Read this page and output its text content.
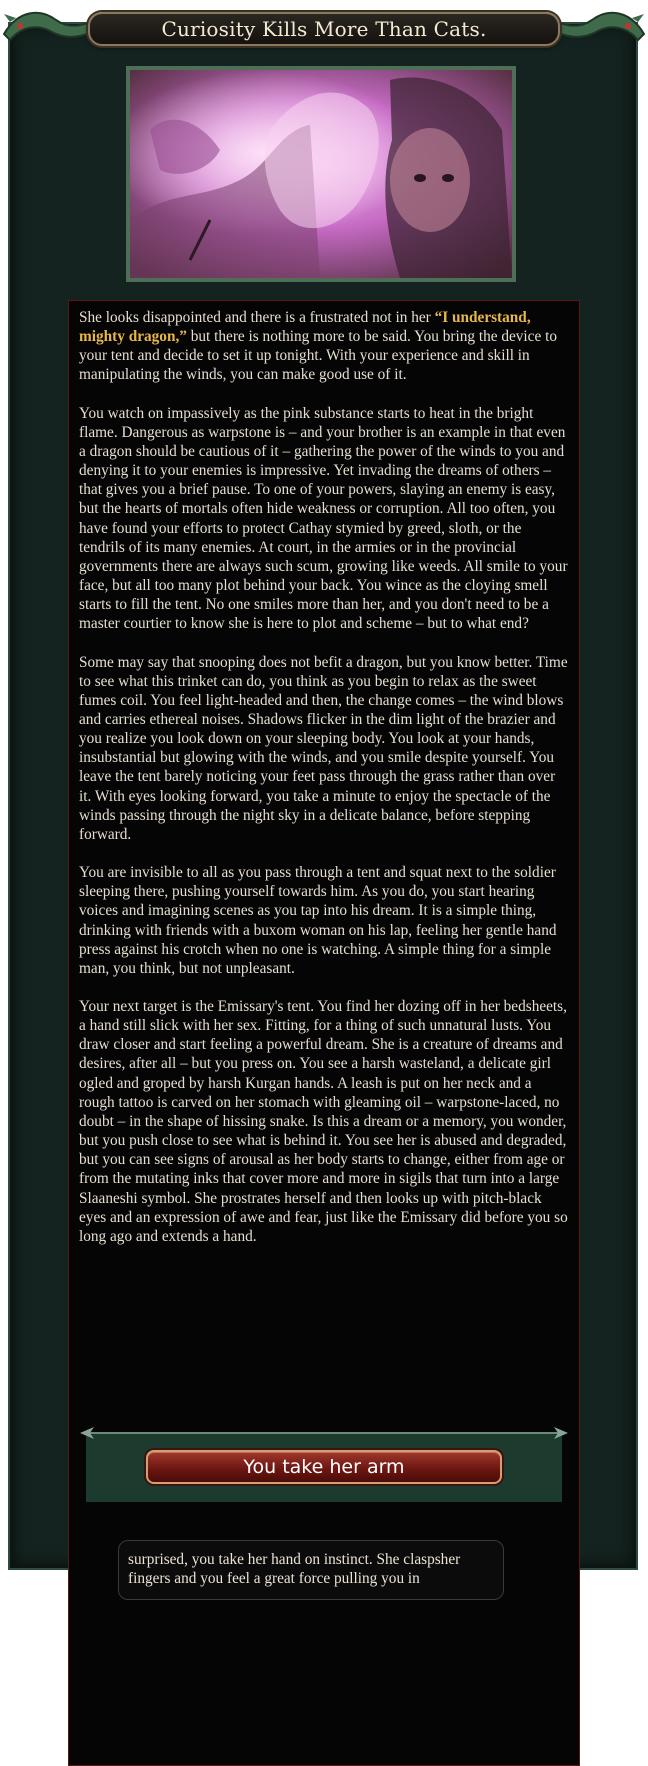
Curiosity Kills More Than Cats.

She looks disappointed and there is a frustrated not in her “I understand, mighty dragon,” but there is nothing more to be said. You bring the device to your tent and decide to set it up tonight. With your experience and skill in manipulating the winds, you can make good use of it.

You watch on impassively as the pink substance starts to heat in the bright flame. Dangerous as warpstone is – and your brother is an example in that even a dragon should be cautious of it – gathering the power of the winds to you and denying it to your enemies is impressive. Yet invading the dreams of others – that gives you a brief pause. To one of your powers, slaying an enemy is easy, but the hearts of mortals often hide weakness or corruption. All too often, you have found your efforts to protect Cathay stymied by greed, sloth, or the tendrils of its many enemies. At court, in the armies or in the provincial governments there are always such scum, growing like weeds. All smile to your face, but all too many plot behind your back. You wince as the cloying smell starts to fill the tent. No one smiles more than her, and you don't need to be a master courtier to know she is here to plot and scheme – but to what end?

Some may say that snooping does not befit a dragon, but you know better. Time to see what this trinket can do, you think as you begin to relax as the sweet fumes coil. You feel light-headed and then, the change comes – the wind blows and carries ethereal noises. Shadows flicker in the dim light of the brazier and you realize you look down on your sleeping body. You look at your hands, insubstantial but glowing with the winds, and you smile despite yourself. You leave the tent barely noticing your feet pass through the grass rather than over it. With eyes looking forward, you take a minute to enjoy the spectacle of the winds passing through the night sky in a delicate balance, before stepping forward.

You are invisible to all as you pass through a tent and squat next to the soldier sleeping there, pushing yourself towards him. As you do, you start hearing voices and imagining scenes as you tap into his dream. It is a simple thing, drinking with friends with a buxom woman on his lap, feeling her gentle hand press against his crotch when no one is watching. A simple thing for a simple man, you think, but not unpleasant.

Your next target is the Emissary's tent. You find her dozing off in her bedsheets, a hand still slick with her sex. Fitting, for a thing of such unnatural lusts. You draw closer and start feeling a powerful dream. She is a creature of dreams and desires, after all – but you press on. You see a harsh wasteland, a delicate girl ogled and groped by harsh Kurgan hands. A leash is put on her neck and a rough tattoo is carved on her stomach with gleaming oil – warpstone-laced, no doubt – in the shape of hissing snake. Is this a dream or a memory, you wonder, but you push close to see what is behind it. You see her is abused and degraded, but you can see signs of arousal as her body starts to change, either from age or from the mutating inks that cover more and more in sigils that turn into a large Slaaneshi symbol. She prostrates herself and then looks up with pitch-black eyes and an expression of awe and fear, just like the Emissary did before you so long ago and extends a hand.

You take her arm
surprised, you take her hand on instinct. She claspsher fingers and you feel a great force pulling you in
